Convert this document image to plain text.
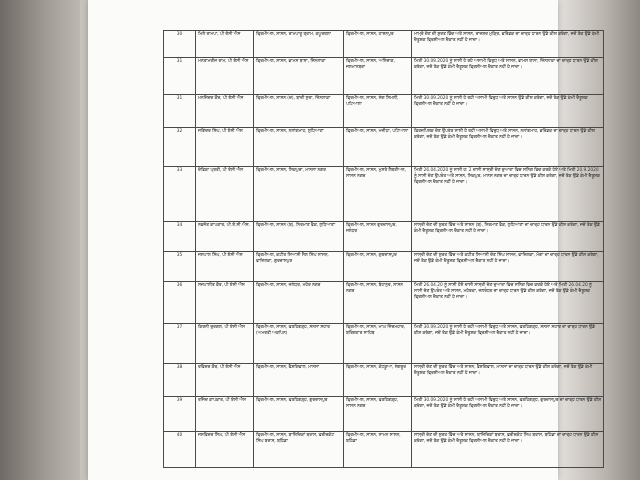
30	ਮਿਲੇ ਰਾਮਪਾ, ਪੀ ਏਸੀ ਐਸ	ਫ੍ਰਿਮੀਅਲ, ਸਾਸਨ, ਰਾਮਪਾਰੂ ਤ੍ਰਾਮ, ਕਪੂਰਥਲਾ	ਫ੍ਰਿਮੀਅਲ, ਸਾਸਨ, ਹਾਸ਼ਨਪੁਰ	ਮਾਮ੍ਰੋ ਦੇਣ ਦੀ ਸ਼ੁਰਤ ਵਿੱਚ ਅਤੇ ਸਾਸਨ, ਰਾਜਸ਼ਰ ਮੁਕ੍ਰਿ, ਭਰਿੰਡਕ ਦਾ ਚਾਰ੍ਹ ਧਾਰਨ ਉਂਡੇ ਕੀਸ਼ ਕਰੇਗਾ, ਜਦੋਂ ਤੱਕ ਉਂਡੇ ਕੰਮੀ ਦੈਤੂਸ਼ਕ ਫ੍ਰਿਸ਼ੀਅਲ ਦੈਕਾਤ ਨਹੀਂ ਹੋ ਜਾਦਾ।
31	ਮਨਤਾਮਰੀਜ਼ ਰਾਮ, ਪੀ ਏਸੀ ਐਸ	ਫ੍ਰਿਮੀਅਲ, ਸਾਸਨ, ਭਾਮਸ ਥਾਸਾ, ਜਿੰਨਲਾਕਾ	ਫ੍ਰਿਮੀਅਲ, ਸਾਸਨ, ਅਨਿੰਦਾਕ, ਜਲਮਾਨਬਰਾ	ਮਿਤੀ 30.09.2020 ਨੂੰ ਸਾਸੀ ਹੋ ਰਹੇ ਅਸਾਮੀ ਵਿਰੁਧ ਅਤੇ ਸਾਸਨ, ਭਾਮਸ ਥਾਸਾ, ਜਿੰਨਲਾਕਾ ਦਾ ਚਾਰ੍ਹ ਧਾਰਨ ਉਂਡੇ ਕੀਸ਼ ਕਰੇਗਾ, ਜਦੋਂ ਤੱਕ ਉਂਡੇ ਕੰਮੀ ਦੈਤੂਸ਼ਕ ਫ੍ਰਿਸ਼ੀਅਲ ਦੈਕਾਤ ਨਹੀਂ ਹੋ ਜਾਦਾ।
31	ਮਨਜਿੰਦਰ ਕੌਰ, ਪੀ ਏਸੀ ਐਸ	ਫ੍ਰਿਮੀਅਲ, ਸਾਸਨ (ਦ), ਬਾਦੀ ਸੁਰਾ, ਜਿੰਨਲਾਕਾ	ਫ੍ਰਿਮੀਅਲ, ਸਾਸਨ, ਸੰਗ ਸਿਮਲੀ, ਪਟਿਆਲਾ	ਮਿਤੀ 30.09.2020 ਨੂੰ ਸਾਸੀ ਹੋ ਰਹੀ ਅਸਾਮੀ ਵਿਰੁਧ ਅਤੇ ਸਾਸਨ ਉਂਡੇ ਕੀਸ਼ ਕਰੇਗਾ, ਜਦੋਂ ਤੱਕ ਉਂਡੇ ਕੰਮੀ ਦੈਤੂਸ਼ਕ ਫ੍ਰਿਸ਼ੀਅਲ ਦੈਕਾਤ ਨਹੀਂ ਹੋ ਜਾਦਾ।
32	ਜਗਿੰਦਰ ਸਿੰਘ, ਪੀ ਏਸੀ ਐਸ	ਫ੍ਰਿਮੀਅਲ, ਸਾਸਨ, ਨਲਾਂਗਮਾਹ, ਲੁਧਿਆਣਾ	ਫ੍ਰਿਮੀਅਲ, ਸਾਸਨ, ਮਜੀਠਾ, ਪਟਿਆਲਾ	ਫ਼ਿਰਜ਼ਪਿਸ਼ਕ ਦੇਣ ਉਪਰੰਤ ਸਾਸੀ ਹੋ ਰਹੀ ਅਸਾਮੀ ਵਿਰੁਧ ਅਤੇ ਸਾਸਨ, ਨਲਾਂਗਮਾਹ, ਭਰਿੰਡਕ ਦਾ ਚਾਰ੍ਹ ਧਾਰਨ ਉਂਡੇ ਕੀਸ਼ ਕਰੇਗਾ, ਜਦੋਂ ਤੱਕ ਉਂਡੇ ਕੰਮੀ ਦੈਤੂਸ਼ਕ ਫ੍ਰਿਸ਼ੀਅਲ ਦੈਕਾਤ ਨਹੀਂ ਹੋ ਜਾਦਾ।
33	ਦੇਵਿਕਾ ਪ੍ਰਤੀ, ਪੀ ਏਸੀ ਐਸ	ਫ੍ਰਿਮੀਅਲ, ਸਾਸਨ, ਸਿਕਪੁਰਾ, ਮਾਨਸਾ ਨਗਰ	ਫ੍ਰਿਮੀਅਲ, ਸਾਸਨ, ਮੁਸਤੇ ਲੈਬਤੀਅਨ, ਸਾਸਨ ਨਗਰ	ਮਿਤੀ 26.04.2020 ਨੂੰ ਸਾਸੀ ਹ: 2 ਦਾਸੀ ਸਾਸ੍ਰੀ ਦੇਣ ਦੁਆਰਾ ਵਿਚ ਸਨਿੰਗ ਵਿਚ ਕਰਕੇ ਹੋਏ ਅਤੇ ਮਿਤੀ 20.9.2020 ਨੂੰ ਸਾਸੀ ਦੇਣ ਉਪਰੰਤ ਅਤੇ ਸਾਸਨ, ਸਿਕਪੁਰ, ਮਾਨਸ ਨਗਰ ਦਾ ਚਾਰ੍ਹ ਧਾਰਨ ਉਂਡੇ ਕੀਸ਼ ਕਰੇਗਾ, ਜਦੋਂ ਤੱਕ ਉਂਡੇ ਕੰਮੀ ਦੈਤੂਸ਼ਕ ਫ੍ਰਿਸ਼ੀਅਲ ਦੈਕਾਤ ਨਹੀਂ ਹੋ ਜਾਦਾ।
34	ਨਵਜੋਤ ਕਾਪਕਾਰ, ਪੀ.ਏ.ਸੀ.ਐਸ.	ਫ੍ਰਿਮੀਅਲ, ਸਾਸਨ (ਬ), ਨਿਰਮਾਣ ਵੈਕ, ਲੁਧਿਆਣਾ	ਫ੍ਰਿਮੀਅਲ, ਸਾਸਨ ਗੁਰਦਾਸਪੁਰ, ਜਲੰਧਰ	ਸਾਸ੍ਰੀ ਦੇਣ ਦੀ ਸ਼ੁਰਤ ਵਿੱਚ ਅਤੇ ਸਾਸਨ (ਬ), ਨਿਰਮਾਣ ਵੈਕ, ਲੁਧਿਆਣਾ ਦਾ ਚਾਰ੍ਹ ਧਾਰਨ ਉਂਡੇ ਕੀਸ਼ ਕਰੇਗਾ, ਜਦੋਂ ਤੱਕ ਉਂਡੇ ਕੰਮੀ ਦੈਤੂਸ਼ਕ ਫ੍ਰਿਸ਼ੀਅਲ ਦੈਕਾਤ ਨਹੀਂ ਹੋ ਜਾਦਾ।
35	ਜਸਪਾਲ ਸਿੰਘ, ਪੀ ਏਸੀ ਐਸ	ਫ੍ਰਿਮੀਅਲ, ਕਟੀਤ ਸਿਆਸੀ ਸੈਲ ਸਿੰਘ ਸਾਸਨ, ਫਾਜ਼ਿਲਕਾ, ਗੁਰਦਾਸਪੁਰ	ਫ੍ਰਿਮੀਅਲ, ਸਾਸਨ, ਗੁਰਦਾਸਪੁਰ	ਸਾਸ੍ਰੀ ਦੇਣ ਦੀ ਸ਼ੁਰਤ ਵਿੱਚ ਅਤੇ ਕਟੀਤ ਸਿਆਸੀ ਦੇਣ ਸਿੰਘ ਸਾਸਨ, ਫਾਜ਼ਿਲਕਾ, ਮੋਗਾ ਦਾ ਚਾਰ੍ਹ ਧਾਰਨ ਉਂਡੇ ਕੀਸ਼ ਕਰੇਗਾ, ਜਦੋਂ ਤੱਕ ਉਂਡੇ ਕੰਮੀ ਦੈਤੂਸ਼ਕ ਫ੍ਰਿਸ਼ੀਅਲ ਦੈਕਾਤ ਨਹੀਂ ਹੋ ਜਾਦਾ।
36	ਸਜਪਾਲੀਤ ਕੌਰ, ਪੀ ਏਸੀ ਐਸ	ਫ੍ਰਿਮੀਅਲ, ਸਾਸਨ, ਜਲੰਧਰ, ਮਹੇਰ ਨਗਰ	ਫ੍ਰਿਮੀਅਲ, ਸਾਸਨ, ਬੋਹਾਨੁਰ, ਸਾਸਨ ਨਗਰ	ਮਿਤੀ 26.04.20 ਨੂੰ ਸਾਸੀ ਹੋਏ ਦਾਸੀ ਸਾਸ੍ਰੀ ਦੇਣ ਦੁਆਰਾ ਵਿਚ ਸਨਿੰਗ ਵਿਚ ਕਰਕੇ ਹੋਏ ਅਤੇ ਮਿਤੀ 26.04.20 ਨੂੰ ਸਾਸੀ ਦੇਣ ਉਪਰੰਤ ਅਤੇ ਸਾਸਨ, ਮਹੇਰਕਾ, ਜਲਰੰਧਰ ਦਾ ਚਾਰ੍ਹ ਧਾਰਨ ਉਂਡੇ ਕੀਸ਼ ਕਰੇਗਾ, ਜਦੋਂ ਤੱਕ ਉਂਡੇ ਕੰਮੀ ਦੈਤੂਸ਼ਕ ਫ੍ਰਿਸ਼ੀਅਲ ਦੈਕਾਤ ਨਹੀਂ ਹੋ ਜਾਦਾ।
37	ਕਿਰਨੀ ਦੁਰਗਲ, ਪੀ ਏਸੀ ਐਸ	ਫ੍ਰਿਮੀਅਲ, ਸਾਸਨ, ਫਤਹਿਗੜ੍ਹ, ਸਨਸਾ ਸਹਾਰ (ਅਮਰਤੀ ਅਕਪਿਨ)	ਫ੍ਰਿਮੀਅਲ, ਸਾਸਨ, ਮਾਘ ਜਿੰਦਮਹਾਰ, ਬਰਿੰਗਹਾਰ ਸਾਹਿਬ	ਮਿਤੀ 30.09.2020 ਨੂੰ ਸਾਸੀ ਹੋ ਰਹੀ ਅਸਾਮੀ ਵਿਰੁਧ ਅਤੇ ਸਾਸਨ, ਫਤਹਿਗੜ੍ਹ, ਸਨਸਾ ਸਹਾਰ ਦਾ ਚਾਰ੍ਹ ਧਾਰਨ ਉਂਡੇ ਕੀਸ਼ ਕਰੇਗਾ, ਜਦੋਂ ਤੱਕ ਉਂਡੇ ਕੰਮੀ ਦੈਤੂਸ਼ਕ ਫ੍ਰਿਸ਼ੀਅਲ ਦੈਕਾਤ ਨਹੀਂ ਹੋ ਜਾਦਾ।
38	ਰਵਿੰਦਰ ਕੌਰ, ਪੀ ਏਸੀ ਐਸ	ਫ੍ਰਿਮੀਅਲ, ਸਾਸਨ, ਵੈਸ਼ਗਿਵਾਲ, ਮਾਨਸਾ	ਫ੍ਰਿਮੀਅਲ, ਸਾਸਨ, ਕੋਟਕੂਆ, ਸੰਗਰੂਰ	ਸਾਸ੍ਰੀ ਦੇਣ ਦੀ ਸ਼ੁਰਤ ਵਿੱਚ ਅਤੇ ਸਾਸਨ, ਵੈਸ਼ਗਿਵਾਲ, ਮਾਨਸਾ ਦਾ ਚਾਰ੍ਹ ਧਾਰਨ ਉਂਡੇ ਕੀਸ਼ ਕਰੇਗਾ, ਜਦੋਂ ਤੱਕ ਉਂਡੇ ਕੰਮੀ ਦੈਤੂਸ਼ਕ ਫ੍ਰਿਸ਼ੀਅਲ ਦੈਕਾਤ ਨਹੀਂ ਹੋ ਜਾਦਾ।
39	ਰਜਿੰਦ ਕਾਪਕਾਰ, ਪੀ ਏਸੀ ਐਸ	ਫ੍ਰਿਮੀਅਲ, ਸਾਸਨ, ਫਤਹਿਗੜ੍ਹ, ਗੁਰਦਾਸਪੁਰ	ਫ੍ਰਿਮੀਅਲ, ਸਾਸਨ, ਫਤਹਿਗੜ੍ਹ, ਸਾਸਨ ਨਗਰ	ਮਿਤੀ 30.09.2020 ਨੂੰ ਸਾਸੀ ਹੋ ਰਹੀ ਅਸਾਮੀ ਵਿਰੁਧ ਅਤੇ ਸਾਸਨ, ਫਤਹਿਗੜ੍ਹ, ਗੁਰਦਾਸਪੁਰ ਦਾ ਚਾਰ੍ਹ ਧਾਰਨ ਉਂਡੇ ਕੀਸ਼ ਕਰੇਗਾ, ਜਦੋਂ ਤੱਕ ਉਂਡੇ ਕੰਮੀ ਦੈਤੂਸ਼ਕ ਫ੍ਰਿਸ਼ੀਅਲ ਦੈਕਾਤ ਨਹੀਂ ਹੋ ਜਾਦਾ।
40	ਜਸਵਿੰਦਰ ਸਿੰਘ, ਪੀ ਏਸੀ ਐਸ	ਫ੍ਰਿਮੀਅਲ, ਸਾਸਨ, ਬਾਜ਼ਿੰਦਿਕਾਂ ਬਰਾਸ, ਫਰੀਦਕੋਟ ਸਿੰਘ ਬਰਾਸ, ਬਠਿੰਡਾ	ਫ੍ਰਿਮੀਅਲ, ਸਾਸਨ, ਸਾਮਨ ਸਾਸਨ, ਬਠਿੰਡਾ	ਸਾਸ੍ਰੀ ਦੇਣ ਦੀ ਸ਼ੁਰਤ ਵਿੱਚ ਅਤੇ ਸਾਸਨ, ਬਾਜ਼ਿੰਦਿਕਾਂ ਬਰਾਸ, ਫਰੀਦਕੋਟ ਸਿੰਘ ਬਰਾਸ, ਬਠਿੰਡਾ ਦਾ ਚਾਰ੍ਹ ਧਾਰਨ ਉਂਡੇ ਕੀਸ਼ ਕਰੇਗਾ, ਜਦੋਂ ਤੱਕ ਉਂਡੇ ਕੰਮੀ ਦੈਤੂਸ਼ਕ ਫ੍ਰਿਸ਼ੀਅਲ ਦੈਕਾਤ ਨਹੀਂ ਹੋ ਜਾਦਾ।
